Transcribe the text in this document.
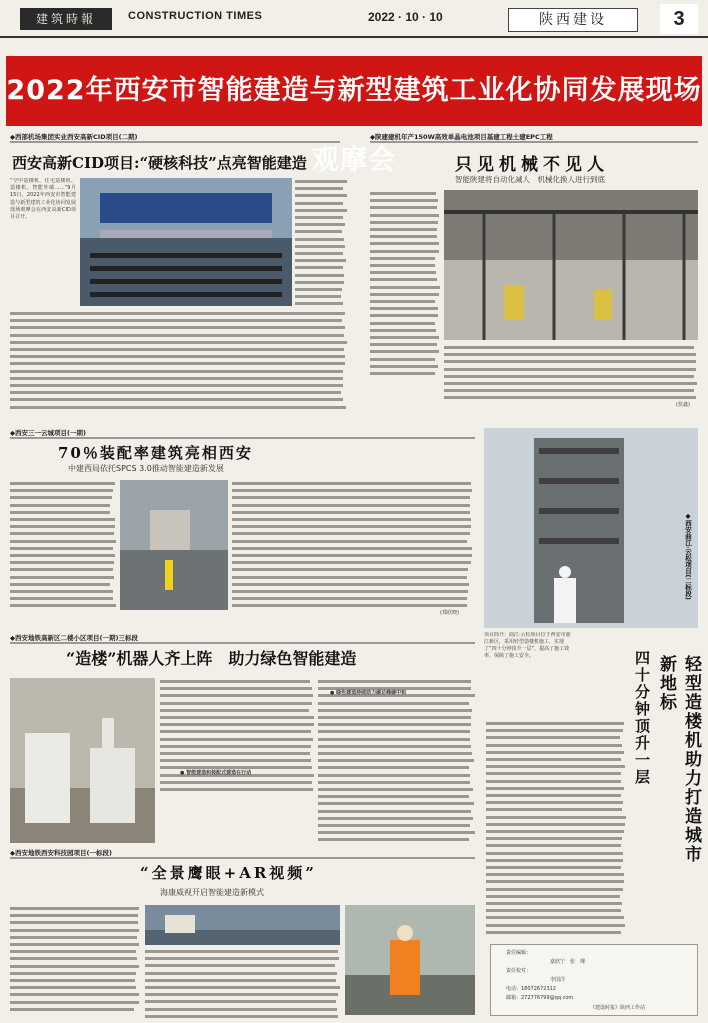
建筑時報	CONSTRUCTION TIMES	2022 · 10 · 10	陕西建设	3
2022年西安市智能建造与新型建筑工业化协同发展现场观摩会
◆西部机场集团实业西安高新CID项目(二期)
西安高新CID项目:“硬核科技”点亮智能建造
“空中造楼机、住宅造楼机、造楼机、智能外墙……”9月15日，2022年西安市智能建造与新型建筑工业化协同发展现场观摩会在西安高新CID项目召开。
◆陕建建机年产150W高效单晶电池项目基建工程土建EPC工程
只见机械不见人
智能陕建将自动化减人　机械化换人进行到底
(侯鑫)
◆西安三一云城项目(一期)
70％装配率建筑亮相西安
中建西局依托SPCS 3.0推动智能建造新发展
(郑欣晓)
◆西安曲江·云松项目(二标段)
项目简介：曲江·云松项目位于西安市曲江新区，采用轻型造楼机施工，实现了“四十分钟顶升一层”，提高了施工效率，保障了施工安全。	轻型造楼机助力打造城市新地标
四十分钟顶升一层
◆西安地铁高新区二楼小区项目(一期)三标段
“造楼”机器人齐上阵　助力绿色智能建造
● 智能建造和装配式建造在行动
● 绿色建造持续助力碳达峰碳中和
◆西安地铁西安科技园项目(一标段)
“全景鹰眼+AR视频”
海康威视开启智能建造新模式
责任编辑：
嘉欣宁　张　璨
责任校对：
李国洋
电话：18072672312
邮箱：272776799@qq.com
《建设时报》陕西工作站
